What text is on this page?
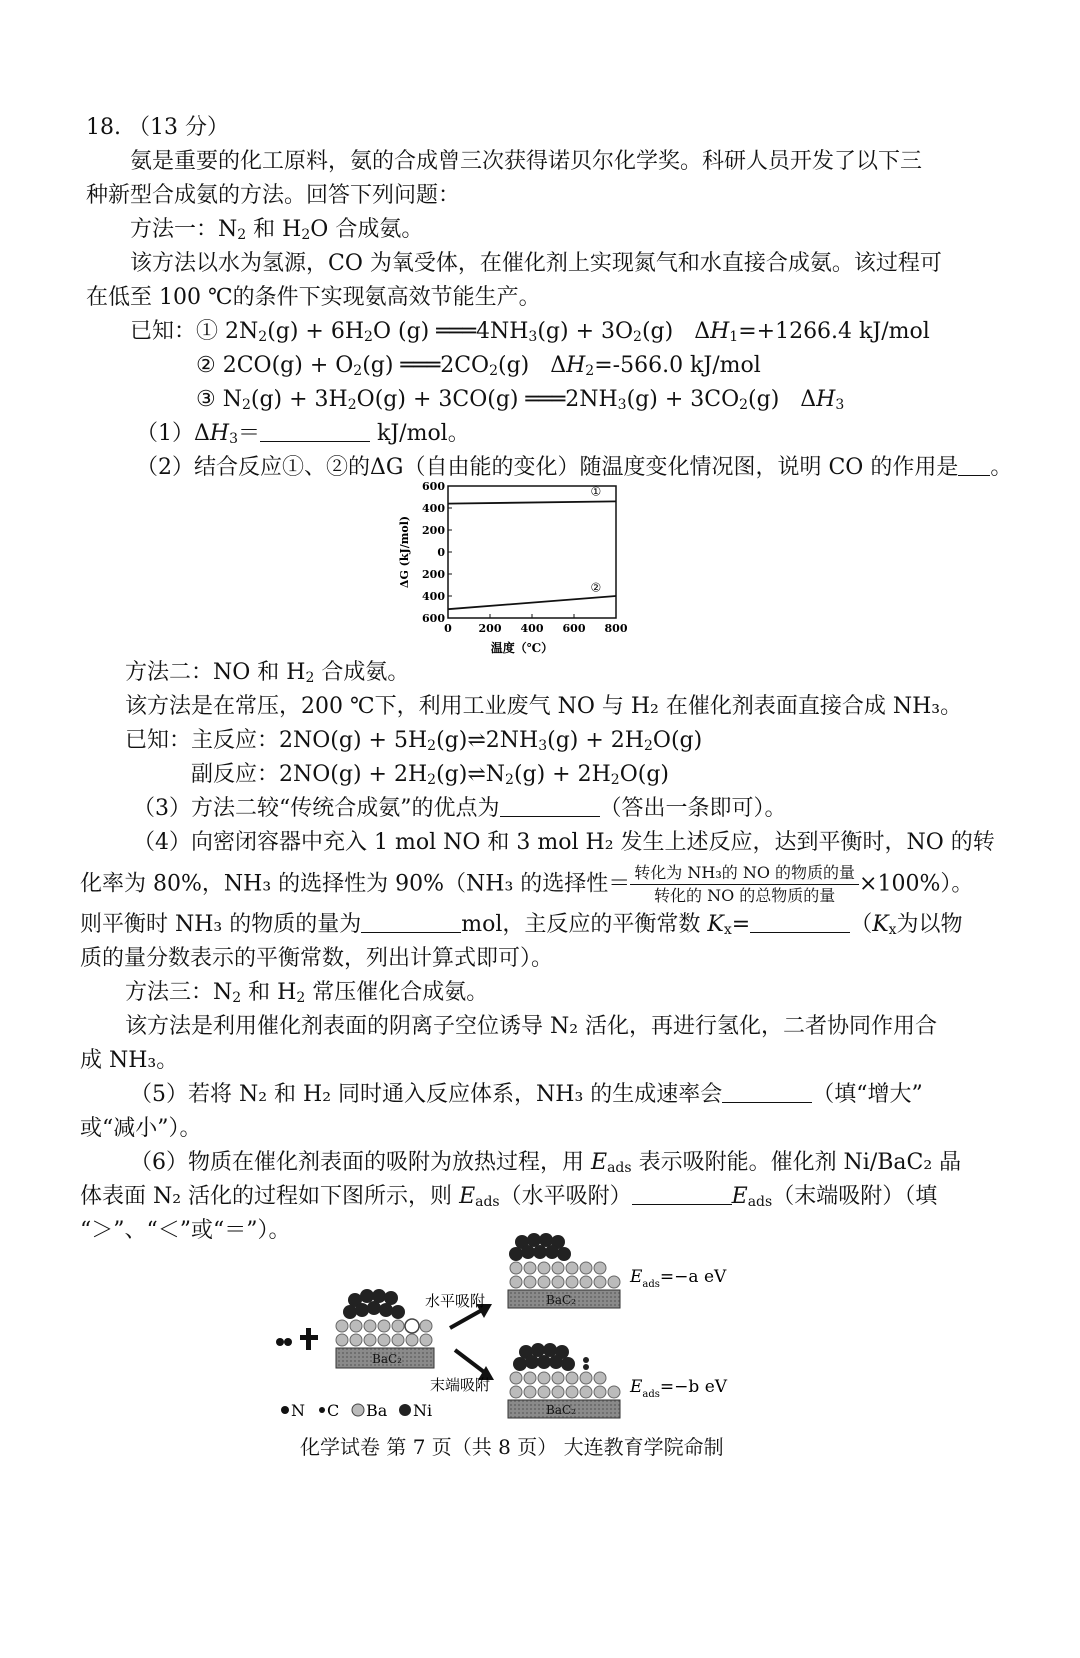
18. （13 分）
氨是重要的化工原料，氨的合成曾三次获得诺贝尔化学奖。科研人员开发了以下三
种新型合成氨的方法。回答下列问题：
方法一：$N_2$ 和 $H_2O$ 合成氨。
该方法以水为氢源，CO 为氧受体，在催化剂上实现氮气和水直接合成氨。该过程可
在低至 100 ℃的条件下实现氨高效节能生产。
已知：① $2N_2(g) + 6H_2O$ (g) $═══4NH_3(g) + 3O_2(g)$   $\Delta H_1=+1266.4$ kJ/mol
② $2CO(g) + O_2(g)$ $═══2CO_2(g)$   $\Delta H_2=-566.0$ kJ/mol
③ $N_2(g) + 3H_2O(g) + 3CO(g)$ $═══2NH_3(g) + 3CO_2(g)$   $\Delta H_3$
$(1)\Delta H_3=$	kJ/mol。
（2）结合反应①、②的ΔG（自由能的变化）随温度变化情况图，说明 CO 的作用是 。
600
400
200
0
200
400
600
0 200 400 600 800
①
②
ΔG (kJ/mol)
温度（℃）
方法二：NO 和 $H_2$ 合成氨。
该方法是在常压，200 ℃下，利用工业废气 NO 与 H₂ 在催化剂表面直接合成 NH₃。
已知：主反应：$2NO(g) + 5H_2(g)\rightleftharpoons 2NH_3(g) + 2H_2O(g)$
副反应：$2NO(g) + 2H_2(g)\rightleftharpoons N_2(g) + 2H_2O(g)$
（3）方法二较“传统合成氨”的优点为	（答出一条即可）。
（4）向密闭容器中充入 1 mol NO 和 3 mol H₂ 发生上述反应，达到平衡时，NO 的转
化率为 80%，NH₃ 的选择性为 90%（NH₃ 的选择性＝ $\frac{\text{转化为 NH₃的 NO 的物质的量}}{\text{转化的 NO 的总物质的量}} \times 100\%$）。
则平衡时 NH₃ 的物质的量为	mol，主反应的平衡常数 $K_x=$	（$K_x$为以物
质的量分数表示的平衡常数，列出计算式即可）。
方法三：$N_2$ 和 $H_2$ 常压催化合成氨。
该方法是利用催化剂表面的阴离子空位诱导 N₂ 活化，再进行氢化，二者协同作用合
成 NH₃。
（5）若将 N₂ 和 H₂ 同时通入反应体系，NH₃ 的生成速率会	（填“增大”
或“减小”）。
（6）物质在催化剂表面的吸附为放热过程，用 $E_{ads}$ 表示吸附能。催化剂 Ni/BaC₂ 晶
体表面 N₂ 活化的过程如下图所示，则 $E_{ads}$（水平吸附）	$E_{ads}$（末端吸附）（填
“＞”、“＜”或“＝”）。
BaC₂
水平吸附
末端吸附
BaC₂
$E_{ads}=-a$ eV
BaC₂
$E_{ads}=-b$ eV
N C Ba Ni
化学试卷 第 7 页（共 8 页） 大连教育学院命制
